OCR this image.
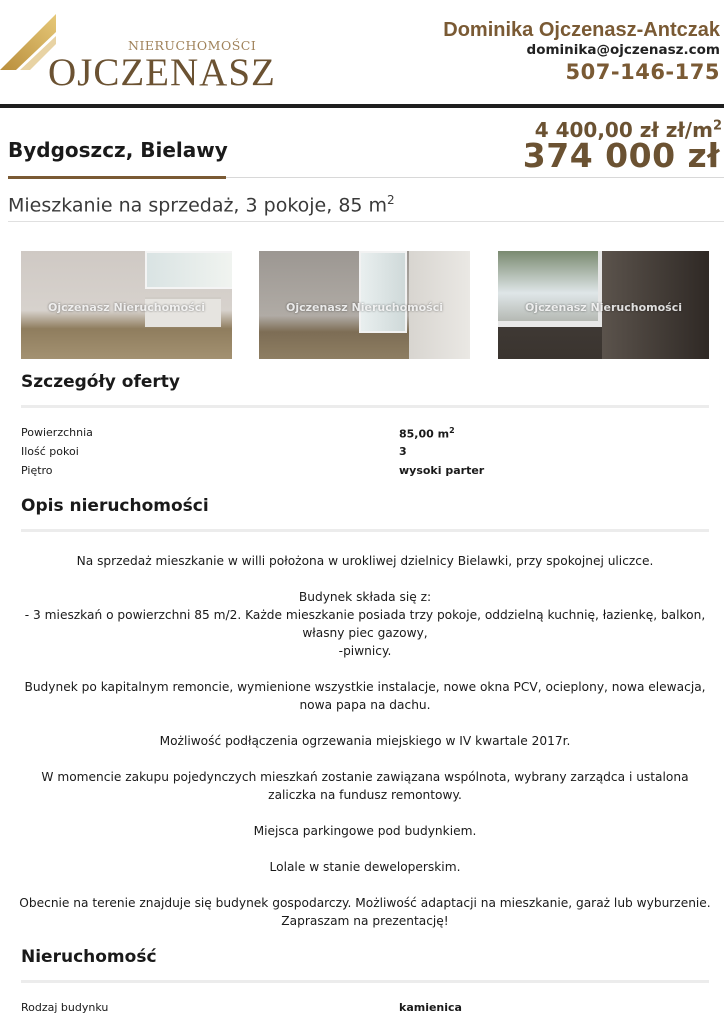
NIERUCHOMOŚCI
OJCZENASZ
Dominika Ojczenasz-Antczak
dominika@ojczenasz.com
507-146-175
Bydgoszcz, Bielawy
4 400,00 zł $zł/m^2$
374 000 zł
Mieszkanie na sprzedaż, 3 pokoje, 85 $m^2$
Ojczenasz Nieruchomości	Ojczenasz Nieruchomości	Ojczenasz Nieruchomości
Szczegóły oferty
Powierzchnia	85,00 $m^2$
Ilość pokoi	3
Piętro	wysoki parter
Opis nieruchomości

Na sprzedaż mieszkanie w willi położona w urokliwej dzielnicy Bielawki, przy spokojnej uliczce.

Budynek składa się z:
- 3 mieszkań o powierzchni 85 m/2. Każde mieszkanie posiada trzy pokoje, oddzielną kuchnię, łazienkę, balkon, własny piec gazowy,
-piwnicy.

Budynek po kapitalnym remoncie, wymienione wszystkie instalacje, nowe okna PCV, ocieplony, nowa elewacja, nowa papa na dachu.

Możliwość podłączenia ogrzewania miejskiego w IV kwartale 2017r.

W momencie zakupu pojedynczych mieszkań zostanie zawiązana wspólnota, wybrany zarządca i ustalona zaliczka na fundusz remontowy.

Miejsca parkingowe pod budynkiem.

Lolale w stanie deweloperskim.

Obecnie na terenie znajduje się budynek gospodarczy. Możliwość adaptacji na mieszkanie, garaż lub wyburzenie.
Zapraszam na prezentację!

Nieruchomość
Rodzaj budynku	kamienica
